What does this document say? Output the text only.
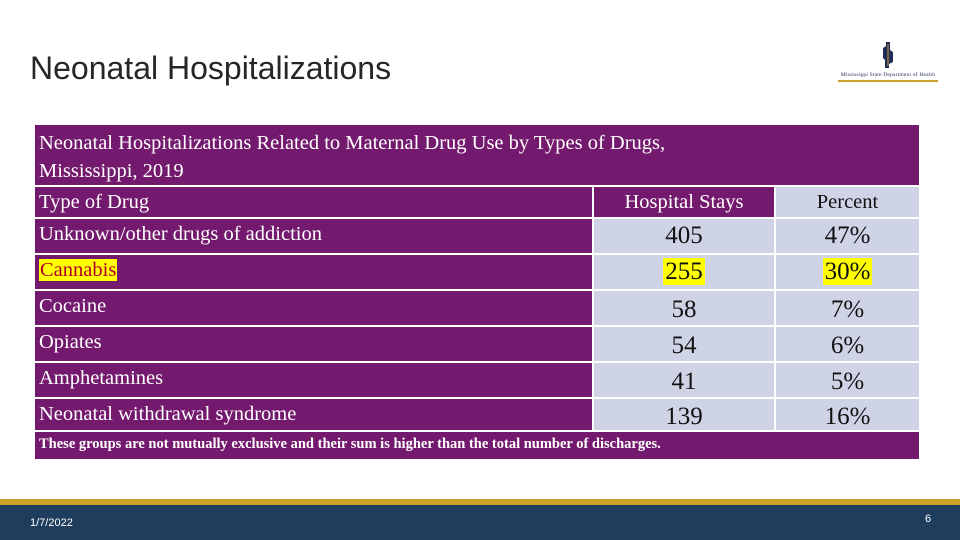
Neonatal Hospitalizations	Mississippi State Department of Health
Neonatal Hospitalizations Related to Maternal Drug Use by Types of Drugs,
Mississippi, 2019
Type of Drug	Hospital Stays	Percent
Unknown/other drugs of addiction	405	47%
Cannabis	255	30%
Cocaine	58	7%
Opiates	54	6%
Amphetamines	41	5%
Neonatal withdrawal syndrome	139	16%
These groups are not mutually exclusive and their sum is higher than the total number of discharges.
1/7/2022	6
